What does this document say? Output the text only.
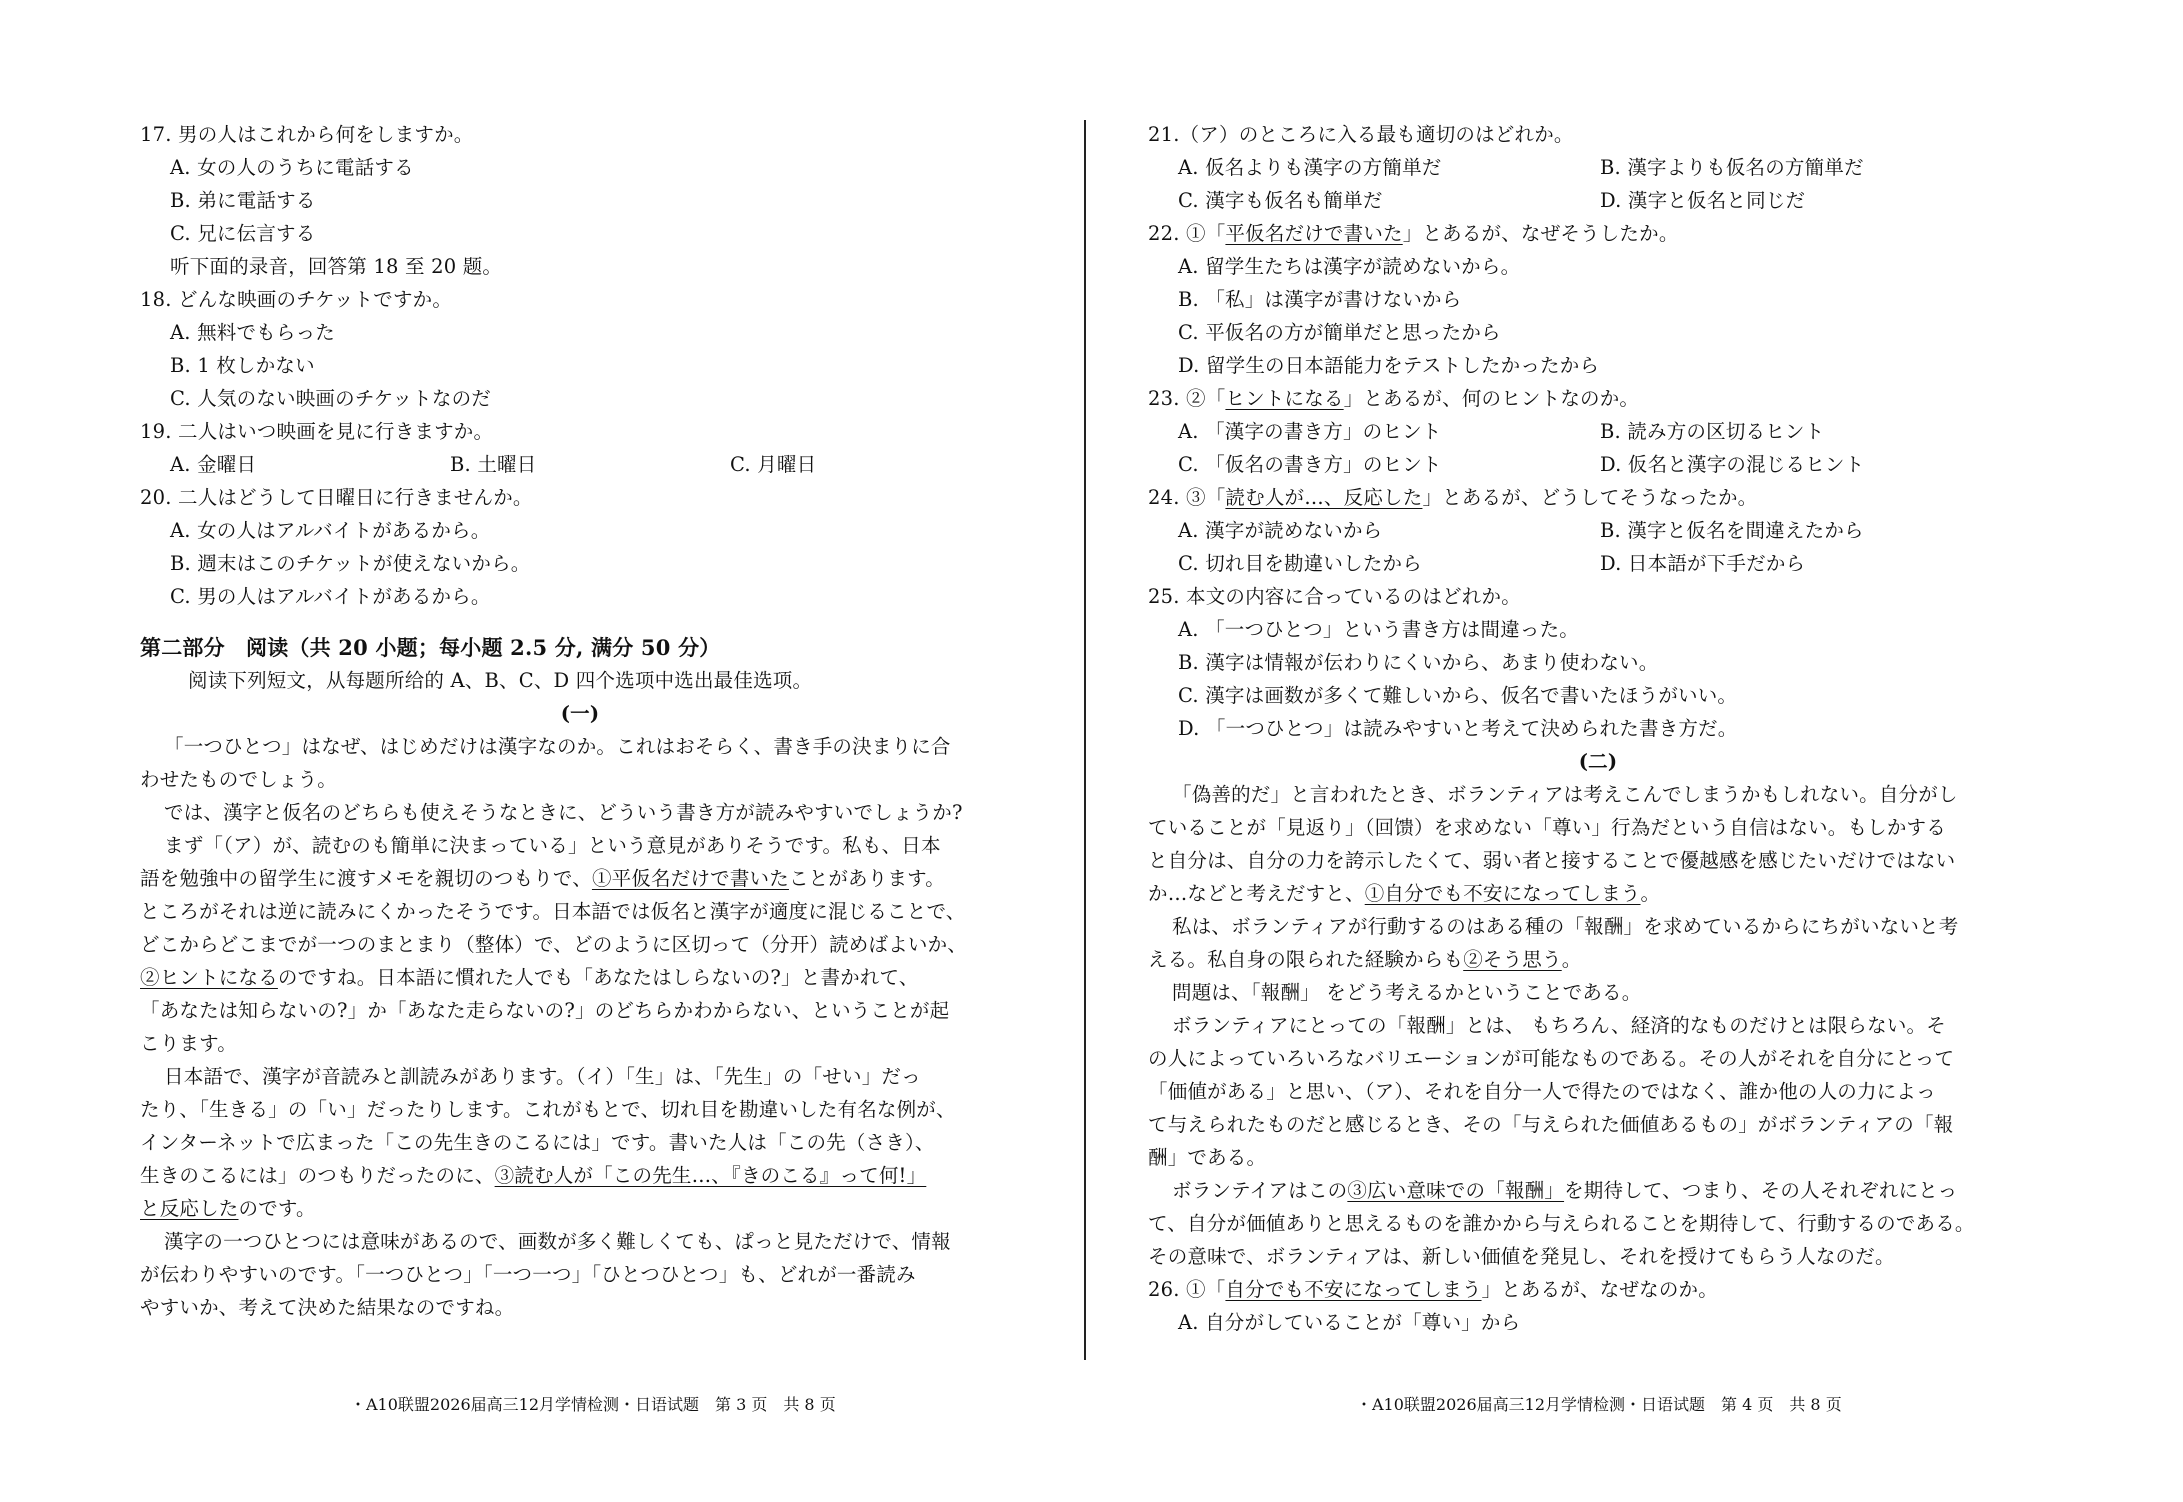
17. 男の人はこれから何をしますか。
A. 女の人のうちに電話する
B. 弟に電話する
C. 兄に伝言する
听下面的录音，回答第 18 至 20 题。
18. どんな映画のチケットですか。
A. 無料でもらった
B. 1 枚しかない
C. 人気のない映画のチケットなのだ
19. 二人はいつ映画を見に行きますか。
A. 金曜日	B. 土曜日	C. 月曜日
20. 二人はどうして日曜日に行きませんか。
A. 女の人はアルバイトがあるから。
B. 週末はこのチケットが使えないから。
C. 男の人はアルバイトがあるから。
第二部分　阅读（共 20 小题；每小题 2.5 分, 满分 50 分）
阅读下列短文，从每题所给的 A、B、C、D 四个选项中选出最佳选项。
(一)
「一つひとつ」はなぜ、はじめだけは漢字なのか。これはおそらく、書き手の決まりに合
わせたものでしょう。
では、漢字と仮名のどちらも使えそうなときに、どういう書き方が読みやすいでしょうか?
まず「（ア）が、読むのも簡単に決まっている」という意見がありそうです。私も、日本
語を勉強中の留学生に渡すメモを親切のつもりで、①平仮名だけで書いたことがあります。
ところがそれは逆に読みにくかったそうです。日本語では仮名と漢字が適度に混じることで、
どこからどこまでが一つのまとまり（整体）で、どのように区切って（分开）読めばよいか、
②ヒントになるのですね。日本語に慣れた人でも「あなたはしらないの?」と書かれて、
「あなたは知らないの?」か「あなた走らないの?」のどちらかわからない、ということが起
こります。
日本語で、漢字が音読みと訓読みがあります。（イ）「生」は、「先生」の「せい」だっ
たり、「生きる」の「い」だったりします。これがもとで、切れ目を勘違いした有名な例が、
インターネットで広まった「この先生きのこるには」です。書いた人は「この先（さき）、
生きのこるには」のつもりだったのに、③読む人が「この先生…、『きのこる』って何!」
と反応したのです。
漢字の一つひとつには意味があるので、画数が多く難しくても、ぱっと見ただけで、情報
が伝わりやすいのです。「一つひとつ」「一つ一つ」「ひとつひとつ」も、どれが一番読み
やすいか、考えて決めた結果なのですね。
21.（ア）のところに入る最も適切のはどれか。
A. 仮名よりも漢字の方簡単だ	B. 漢字よりも仮名の方簡単だ
C. 漢字も仮名も簡単だ	D. 漢字と仮名と同じだ
22. ①「平仮名だけで書いた」とあるが、なぜそうしたか。
A. 留学生たちは漢字が読めないから。
B. 「私」は漢字が書けないから
C. 平仮名の方が簡単だと思ったから
D. 留学生の日本語能力をテストしたかったから
23. ②「ヒントになる」とあるが、何のヒントなのか。
A. 「漢字の書き方」のヒント	B. 読み方の区切るヒント
C. 「仮名の書き方」のヒント	D. 仮名と漢字の混じるヒント
24. ③「読む人が…、反応した」とあるが、どうしてそうなったか。
A. 漢字が読めないから	B. 漢字と仮名を間違えたから
C. 切れ目を勘違いしたから	D. 日本語が下手だから
25. 本文の内容に合っているのはどれか。
A. 「一つひとつ」という書き方は間違った。
B. 漢字は情報が伝わりにくいから、あまり使わない。
C. 漢字は画数が多くて難しいから、仮名で書いたほうがいい。
D. 「一つひとつ」は読みやすいと考えて決められた書き方だ。
(二)
「偽善的だ」と言われたとき、ボランティアは考えこんでしまうかもしれない。自分がし
ていることが「見返り」（回馈）を求めない「尊い」行為だという自信はない。もしかする
と自分は、自分の力を誇示したくて、弱い者と接することで優越感を感じたいだけではない
か…などと考えだすと、①自分でも不安になってしまう。
私は、ボランティアが行動するのはある種の「報酬」を求めているからにちがいないと考
える。私自身の限られた経験からも②そう思う。
問題は、「報酬」 をどう考えるかということである。
ボランティアにとっての「報酬」とは、 もちろん、経済的なものだけとは限らない。そ
の人によっていろいろなバリエーションが可能なものである。その人がそれを自分にとって
「価値がある」と思い、（ア）、それを自分一人で得たのではなく、誰か他の人の力によっ
て与えられたものだと感じるとき、その「与えられた価値あるもの」がボランティアの「報
酬」である。
ボランテイアはこの③広い意味での「報酬」を期待して、つまり、その人それぞれにとっ
て、自分が価値ありと思えるものを誰かから与えられることを期待して、行動するのである。
その意味で、ボランティアは、新しい価値を発見し、それを授けてもらう人なのだ。
26. ①「自分でも不安になってしまう」とあるが、なぜなのか。
A. 自分がしていることが「尊い」から
・A10联盟2026届高三12月学情检测・日语试题　第 3 页　共 8 页	・A10联盟2026届高三12月学情检测・日语试题　第 4 页　共 8 页
